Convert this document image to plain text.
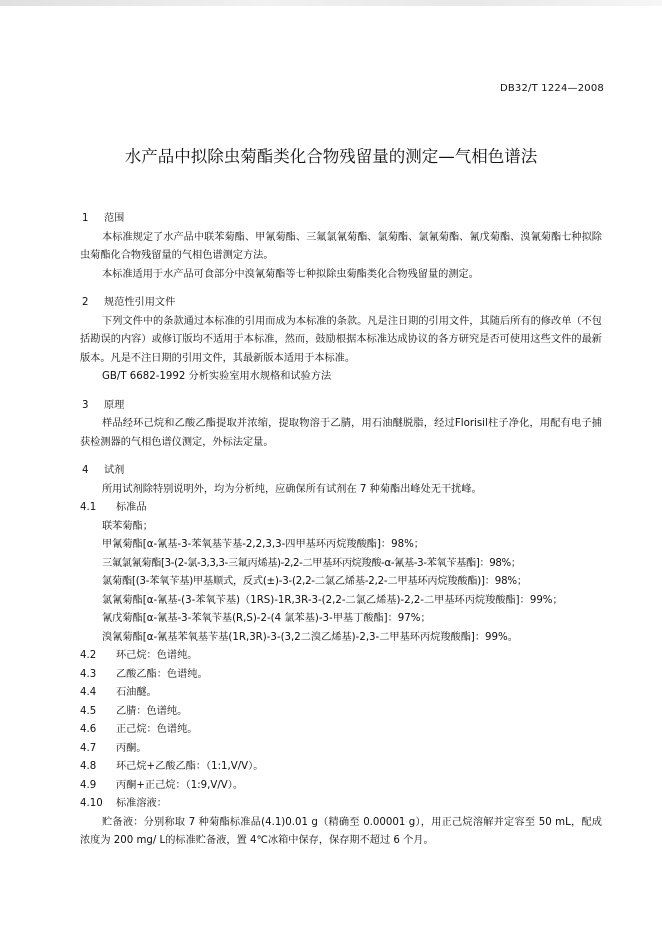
DB32/T 1224—2008
水产品中拟除虫菊酯类化合物残留量的测定—气相色谱法
1 范围
本标准规定了水产品中联苯菊酯、甲氰菊酯、三氟氯氰菊酯、氯菊酯、氯氰菊酯、氰戊菊酯、溴氰菊酯七种拟除虫菊酯化合物残留量的气相色谱测定方法。
本标准适用于水产品可食部分中溴氰菊酯等七种拟除虫菊酯类化合物残留量的测定。
2 规范性引用文件
下列文件中的条款通过本标准的引用而成为本标准的条款。凡是注日期的引用文件，其随后所有的修改单（不包括勘误的内容）或修订版均不适用于本标准，然而，鼓励根据本标准达成协议的各方研究是否可使用这些文件的最新版本。凡是不注日期的引用文件，其最新版本适用于本标准。
GB/T 6682-1992 分析实验室用水规格和试验方法
3 原理
样品经环己烷和乙酸乙酯提取并浓缩，提取物溶于乙腈，用石油醚脱脂，经过Florisil柱子净化，用配有电子捕获检测器的气相色谱仪测定，外标法定量。
4 试剂
所用试剂除特别说明外，均为分析纯，应确保所有试剂在 7 种菊酯出峰处无干扰峰。
4.1 标准品
联苯菊酯；
甲氰菊酯[α-氰基-3-苯氧基苄基-2,2,3,3-四甲基环丙烷羧酸酯]：98%；
三氟氯氰菊酯[3-(2-氯-3,3,3-三氟丙烯基)-2,2-二甲基环丙烷羧酸-α-氰基-3-苯氧苄基酯]：98%；
氯菊酯[(3-苯氧苄基)甲基顺式，反式(±)-3-(2,2-二氯乙烯基-2,2-二甲基环丙烷羧酸酯)]：98%；
氯氰菊酯[α-氰基-(3-苯氧苄基)（1RS)-1R,3R-3-(2,2-二氯乙烯基)-2,2-二甲基环丙烷羧酸酯]：99%；
氰戊菊酯[α-氰基-3-苯氧苄基(R,S)-2-(4 氯苯基)-3-甲基丁酸酯]：97%；
溴氰菊酯[α-氰基苯氧基苄基(1R,3R)-3-(3,2二溴乙烯基)-2,3-二甲基环丙烷羧酸酯]：99%。
4.2 环己烷：色谱纯。
4.3 乙酸乙酯：色谱纯。
4.4 石油醚。
4.5 乙腈：色谱纯。
4.6 正己烷：色谱纯。
4.7 丙酮。
4.8 环己烷+乙酸乙酯：（1:1,V/V）。
4.9 丙酮+正己烷：（1:9,V/V）。
4.10 标准溶液：
贮备液：分别称取 7 种菊酯标准品(4.1)0.01 g（精确至 0.00001 g），用正己烷溶解并定容至 50 mL，配成浓度为 200 mg/ L的标准贮备液，置 4℃冰箱中保存，保存期不超过 6 个月。
